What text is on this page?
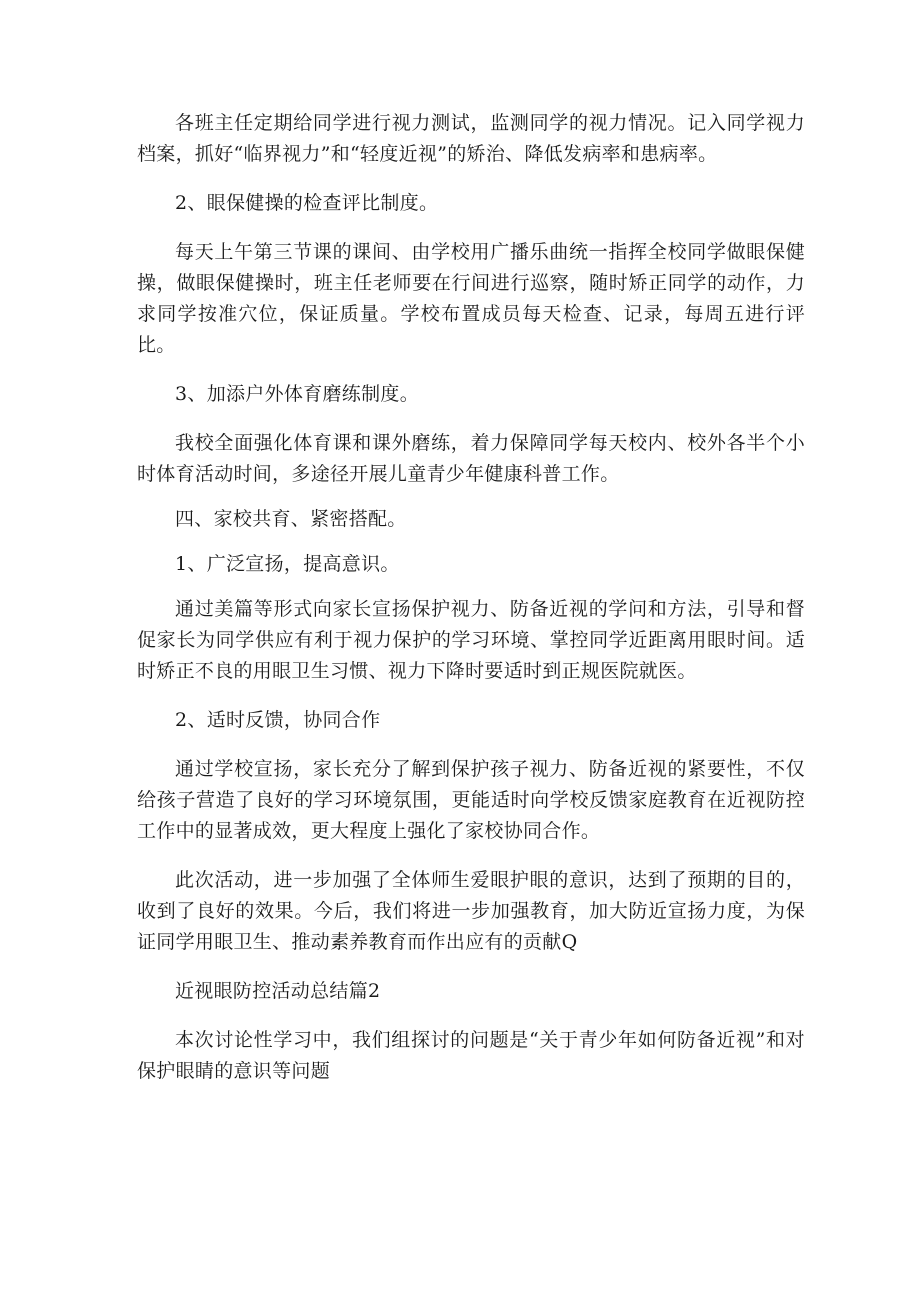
各班主任定期给同学进行视力测试，监测同学的视力情况。记入同学视力档案，抓好“临界视力”和“轻度近视”的矫治、降低发病率和患病率。

2、眼保健操的检查评比制度。

每天上午第三节课的课间、由学校用广播乐曲统一指挥全校同学做眼保健操，做眼保健操时，班主任老师要在行间进行巡察，随时矫正同学的动作，力求同学按准穴位，保证质量。学校布置成员每天检查、记录，每周五进行评比。

3、加添户外体育磨练制度。

我校全面强化体育课和课外磨练，着力保障同学每天校内、校外各半个小时体育活动时间，多途径开展儿童青少年健康科普工作。

四、家校共育、紧密搭配。

1、广泛宣扬，提高意识。

通过美篇等形式向家长宣扬保护视力、防备近视的学问和方法，引导和督促家长为同学供应有利于视力保护的学习环境、掌控同学近距离用眼时间。适时矫正不良的用眼卫生习惯、视力下降时要适时到正规医院就医。

2、适时反馈，协同合作

通过学校宣扬，家长充分了解到保护孩子视力、防备近视的紧要性，不仅给孩子营造了良好的学习环境氛围，更能适时向学校反馈家庭教育在近视防控工作中的显著成效，更大程度上强化了家校协同合作。

此次活动，进一步加强了全体师生爱眼护眼的意识，达到了预期的目的，收到了良好的效果。今后，我们将进一步加强教育，加大防近宣扬力度，为保证同学用眼卫生、推动素养教育而作出应有的贡献Q

近视眼防控活动总结篇2

本次讨论性学习中，我们组探讨的问题是“关于青少年如何防备近视”和对保护眼睛的意识等问题
